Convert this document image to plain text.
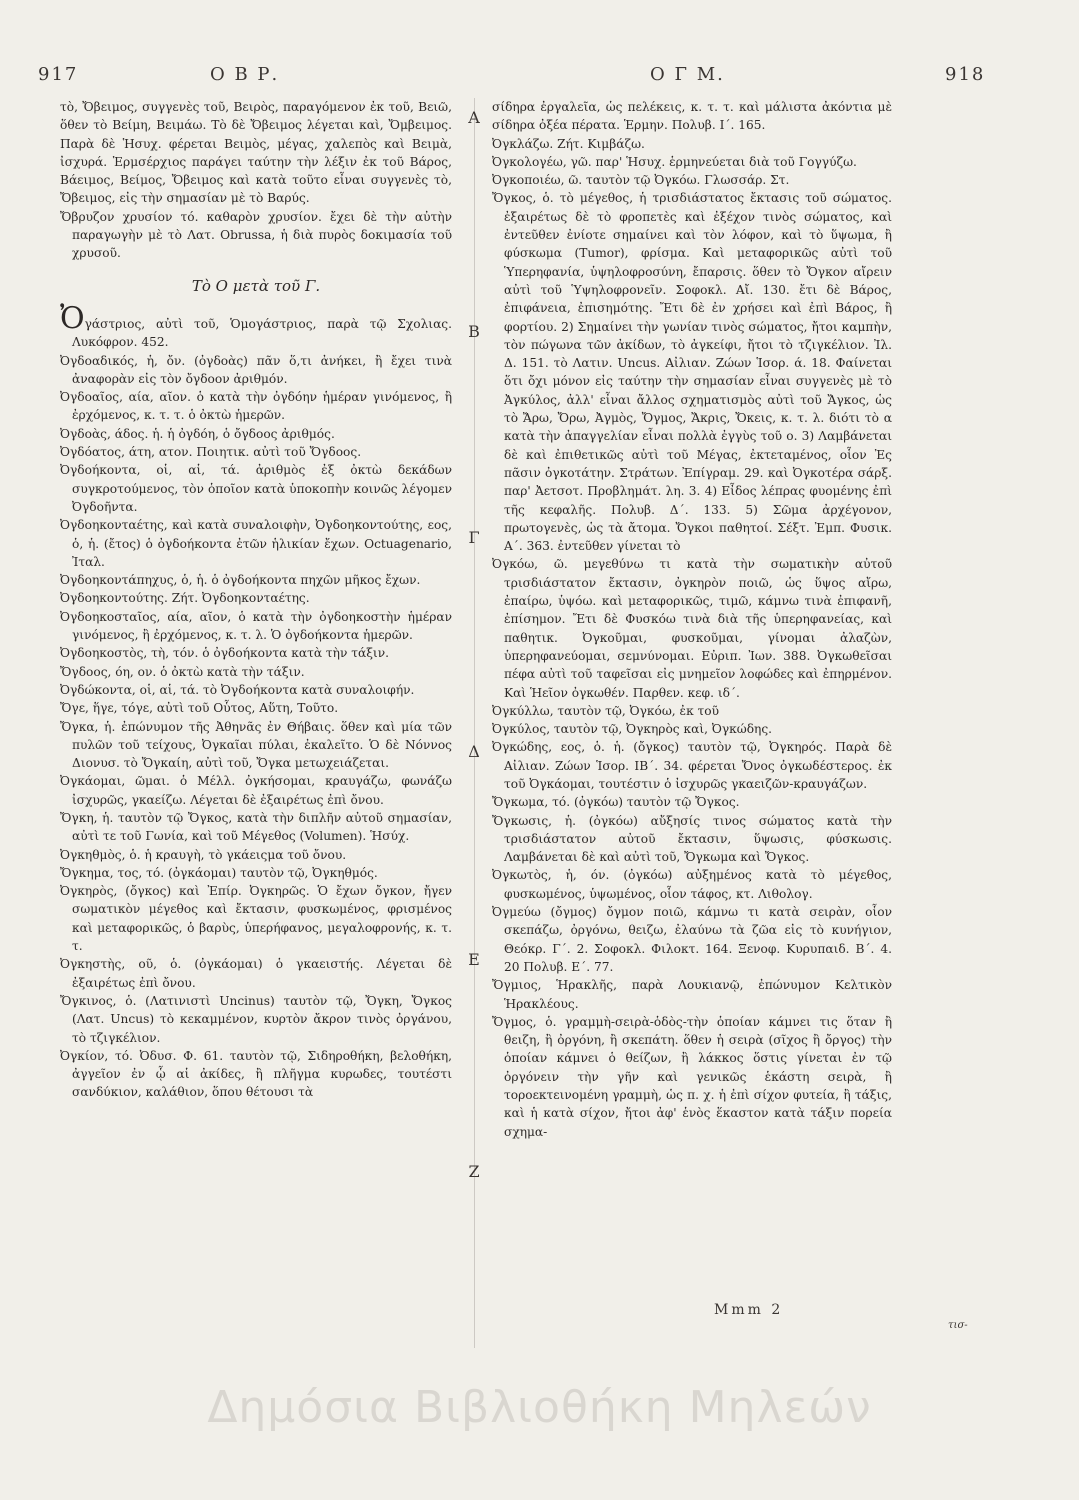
917	Ο Β Ρ.	Ο Γ Μ.	918

τὸ, Ὄβειμος, συγγενὲς τοῦ, Βειρὸς, παραγόμενον ἐκ τοῦ, Βειῶ, ὅθεν τὸ Βείμη, Βειμάω. Τὸ δὲ Ὄβειμος λέγεται καὶ, Ὄμβειμος. Παρὰ δὲ Ἡσυχ. φέρεται Βειμὸς, μέγας, χαλεπὸς καὶ Βειμὰ, ἰσχυρά. Ἑρμσέρχιος παράγει ταύτην τὴν λέξιν ἐκ τοῦ Βάρος, Βάειμος, Βείμος, Ὄβειμος καὶ κατὰ τοῦτο εἶναι συγγενὲς τὸ, Ὄβειμος, εἰς τὴν σημασίαν μὲ τὸ Βαρύς.

Ὄβρυζον χρυσίον τό. καθαρὸν χρυσίον. ἔχει δὲ τὴν αὐτὴν παραγωγὴν μὲ τὸ Λατ. Obrussa, ἡ διὰ πυρὸς δοκιμασία τοῦ χρυσοῦ.

Τὸ Ο μετὰ τοῦ Γ.

Ὀγάστριος, αὐτὶ τοῦ, Ὁμογάστριος, παρὰ τῷ Σχολιας. Λυκόφρον. 452.

Ὀγδοαδικός, ἡ, ὄν. (ὀγδοὰς) πᾶν ὅ,τι ἀνήκει, ἢ ἔχει τινὰ ἀναφορὰν εἰς τὸν ὄγδοον ἀριθμόν.

Ὀγδοαῖος, αία, αῖον. ὁ κατὰ τὴν ὀγδόην ἡμέραν γινόμενος, ἢ ἐρχόμενος, κ. τ. τ. ὁ ὀκτὼ ἡμερῶν.

Ὀγδοὰς, άδος. ἡ. ἡ ὀγδόη, ὁ ὄγδοος ἀριθμός.

Ὀγδόατος, άτη, ατον. Ποιητικ. αὐτὶ τοῦ Ὄγδοος.

Ὀγδοήκοντα, οἱ, αἱ, τά. ἀριθμὸς ἐξ ὀκτὼ δεκάδων συγκροτούμενος, τὸν ὁποῖον κατὰ ὑποκοπὴν κοινῶς λέγομεν Ὀγδοῆντα.

Ὀγδοηκονταέτης, καὶ κατὰ συναλοιφὴν, Ὀγδοηκοντούτης, εος, ὁ, ἡ. (ἔτος) ὁ ὀγδοήκοντα ἐτῶν ἡλικίαν ἔχων. Octuagenario, Ἰταλ.

Ὀγδοηκοντάπηχυς, ὁ, ἡ. ὁ ὀγδοήκοντα πηχῶν μῆκος ἔχων.

Ὀγδοηκοντούτης. Ζήτ. Ὀγδοηκονταέτης.

Ὀγδοηκοσταῖος, αία, αῖον, ὁ κατὰ τὴν ὀγδοηκοστὴν ἡμέραν γινόμενος, ἢ ἐρχόμενος, κ. τ. λ. Ὁ ὀγδοήκοντα ἡμερῶν.

Ὀγδοηκοστὸς, τὴ, τόν. ὁ ὀγδοήκοντα κατὰ τὴν τάξιν.

Ὄγδοος, όη, ον. ὁ ὀκτὼ κατὰ τὴν τάξιν.

Ὀγδώκοντα, οἱ, αἱ, τά. τὸ Ὀγδοήκοντα κατὰ συναλοιφήν.

Ὄγε, ἥγε, τόγε, αὐτὶ τοῦ Οὗτος, Αὕτη, Τοῦτο.

Ὄγκα, ἡ. ἐπώνυμον τῆς Ἀθηνᾶς ἐν Θήβαις. ὅθεν καὶ μία τῶν πυλῶν τοῦ τείχους, Ὀγκαῖαι πύλαι, ἐκαλεῖτο. Ὁ δὲ Νόννος Διονυσ. τὸ Ὄγκαίη, αὐτὶ τοῦ, Ὄγκα μετωχειάζεται.

Ὀγκάομαι, ῶμαι. ὁ Μέλλ. ὀγκήσομαι, κραυγάζω, φωνάζω ἰσχυρῶς, γκαείζω. Λέγεται δὲ ἐξαιρέτως ἐπὶ ὄνου.

Ὄγκη, ἡ. ταυτὸν τῷ Ὄγκος, κατὰ τὴν διπλῆν αὐτοῦ σημασίαν, αὐτὶ τε τοῦ Γωνία, καὶ τοῦ Μέγεθος (Volumen). Ἡσύχ.

Ὀγκηθμὸς, ὁ. ἡ κραυγὴ, τὸ γκάειςμα τοῦ ὄνου.

Ὄγκημα, τος, τό. (ὀγκάομαι) ταυτὸν τῷ, Ὀγκηθμός.

Ὀγκηρὸς, (ὄγκος) καὶ Ἐπίρ. Ὀγκηρῶς. Ὁ ἔχων ὄγκον, ἤγεν σωματικὸν μέγεθος καὶ ἔκτασιν, φυσκωμένος, φρισμένος καὶ μεταφορικῶς, ὁ βαρὺς, ὑπερήφανος, μεγαλοφρονής, κ. τ. τ.

Ὀγκηστὴς, οῦ, ὁ. (ὀγκάομαι) ὁ γκαειστής. Λέγεται δὲ ἐξαιρέτως ἐπὶ ὄνου.

Ὄγκινος, ὁ. (Λατινιστὶ Uncinus) ταυτὸν τῷ, Ὄγκη, Ὄγκος (Λατ. Uncus) τὸ κεκαμμένον, κυρτὸν ἄκρον τινὸς ὀργάνου, τὸ τζιγκέλιον.

Ὀγκίον, τό. Ὀδυσ. Φ. 61. ταυτὸν τῷ, Σιδηροθήκη, βελοθήκη, ἀγγεῖον ἐν ᾧ αἱ ἀκίδες, ἢ πλῆγμα κυρωδες, τουτέστι σανδύκιον, καλάθιον, ὅπου θέτουσι τὰ

σίδηρα ἐργαλεῖα, ὡς πελέκεις, κ. τ. τ. καὶ μάλιστα ἀκόντια μὲ σίδηρα ὀξέα πέρατα. Ἑρμην. Πολυβ. Ι΄. 165.

Ὀγκλάζω. Ζήτ. Κιμβάζω.

Ὀγκολογέω, γῶ. παρ' Ἡσυχ. ἑρμηνεύεται διὰ τοῦ Γογγύζω.

Ὀγκοποιέω, ῶ. ταυτὸν τῷ Ὀγκόω. Γλωσσάρ. Στ.

Ὄγκος, ὁ. τὸ μέγεθος, ἡ τρισδιάστατος ἔκτασις τοῦ σώματος. ἐξαιρέτως δὲ τὸ φροπετὲς καὶ ἐξέχον τινὸς σώματος, καὶ ἐντεῦθεν ἐνίοτε σημαίνει καὶ τὸν λόφον, καὶ τὸ ὕψωμα, ἢ φύσκωμα (Tumor), φρίσμα. Καὶ μεταφορικῶς αὐτὶ τοῦ Ὑπερηφανία, ὑψηλοφροσύνη, ἔπαρσις. ὅθεν τὸ Ὄγκον αἴρειν αὐτὶ τοῦ Ὑψηλοφρονεῖν. Σοφοκλ. Αἴ. 130. ἔτι δὲ Βάρος, ἐπιφάνεια, ἐπισημότης. Ἔτι δὲ ἐν χρήσει καὶ ἐπὶ Βάρος, ἢ φορτίου. 2) Σημαίνει τὴν γωνίαν τινὸς σώματος, ἤτοι καμπὴν, τὸν πώγωνα τῶν ἀκίδων, τὸ ἀγκείφι, ἤτοι τὸ τζιγκέλιον. Ἰλ. Δ. 151. τὸ Λατιν. Uncus. Αἰλιαν. Ζώων Ἱσορ. ά. 18. Φαίνεται ὅτι ὄχι μόνον εἰς ταύτην τὴν σημασίαν εἶναι συγγενὲς μὲ τὸ Ἀγκύλος, ἀλλ' εἶναι ἄλλος σχηματισμὸς αὐτὶ τοῦ Ἄγκος, ὡς τὸ Ἄρω, Ὄρω, Ἀγμὸς, Ὄγμος, Ἄκρις, Ὄκεις, κ. τ. λ. διότι τὸ α κατὰ τὴν ἀπαγγελίαν εἶναι πολλὰ ἐγγὺς τοῦ ο. 3) Λαμβάνεται δὲ καὶ ἐπιθετικῶς αὐτὶ τοῦ Μέγας, ἐκτεταμένος, οἷον Ἐς πᾶσιν ὀγκοτάτην. Στράτων. Ἐπίγραμ. 29. καὶ Ὀγκοτέρα σάρξ. παρ' Ἀετσοτ. Προβλημάτ. λη. 3. 4) Εἶδος λέπρας φυομένης ἐπὶ τῆς κεφαλῆς. Πολυβ. Δ΄. 133. 5) Σῶμα ἀρχέγονον, πρωτογενὲς, ὡς τὰ ἄτομα. Ὄγκοι παθητοί. Σέξτ. Ἐμπ. Φυσικ. Α΄. 363. ἐντεῦθεν γίνεται τὸ

Ὀγκόω, ῶ. μεγεθύνω τι κατὰ τὴν σωματικὴν αὐτοῦ τρισδιάστατον ἔκτασιν, ὀγκηρὸν ποιῶ, ὡς ὕψος αἴρω, ἐπαίρω, ὑψόω. καὶ μεταφορικῶς, τιμῶ, κάμνω τινὰ ἐπιφανῆ, ἐπίσημον. Ἔτι δὲ Φυσκόω τινὰ διὰ τῆς ὑπερηφανείας, καὶ παθητικ. Ὀγκοῦμαι, φυσκοῦμαι, γίνομαι ἀλαζὼν, ὑπερηφανεύομαι, σεμνύνομαι. Εὐριπ. Ἰων. 388. Ὀγκωθεῖσαι πέφα αὐτὶ τοῦ ταφεῖσαι εἰς μνημεῖον λοφώδες καὶ ἐπηρμένον. Καὶ Ἡεῖον ὀγκωθέν. Παρθεν. κεφ. ιδ΄.

Ὀγκύλλω, ταυτὸν τῷ, Ὀγκόω, ἐκ τοῦ

Ὀγκύλος, ταυτὸν τῷ, Ὀγκηρὸς καὶ, Ὀγκώδης.

Ὀγκώδης, εος, ὁ. ἡ. (ὄγκος) ταυτὸν τῷ, Ὀγκηρός. Παρὰ δὲ Αἰλιαν. Ζώων Ἱσορ. ΙΒ΄. 34. φέρεται Ὄνος ὀγκωδέστερος. ἐκ τοῦ Ὀγκάομαι, τουτέστιν ὁ ἰσχυρῶς γκαειζῶν-κραυγάζων.

Ὄγκωμα, τό. (ὀγκόω) ταυτὸν τῷ Ὄγκος.

Ὄγκωσις, ἡ. (ὀγκόω) αὔξησίς τινος σώματος κατὰ τὴν τρισδιάστατον αὐτοῦ ἔκτασιν, ὕψωσις, φύσκωσις. Λαμβάνεται δὲ καὶ αὐτὶ τοῦ, Ὄγκωμα καὶ Ὄγκος.

Ὀγκωτὸς, ἡ, όν. (ὀγκόω) αὐξημένος κατὰ τὸ μέγεθος, φυσκωμένος, ὑψωμένος, οἷον τάφος, κτ. Λιθολογ.

Ὀγμεύω (ὄγμος) ὄγμον ποιῶ, κάμνω τι κατὰ σειρὰν, οἷον σκεπάζω, ὀργόνω, θειζω, ἐλαύνω τὰ ζῶα εἰς τὸ κυνήγιον, Θεόκρ. Γ΄. 2. Σοφοκλ. Φιλοκτ. 164. Ξενοφ. Κυρυπαιδ. Β΄. 4. 20 Πολυβ. Ε΄. 77.

Ὄγμιος, Ἡρακλῆς, παρὰ Λουκιανῷ, ἐπώνυμον Κελτικὸν Ἡρακλέους.

Ὄγμος, ὁ. γραμμὴ-σειρὰ-ὁδὸς-τὴν ὁποίαν κάμνει τις ὅταν ἢ θειζη, ἢ ὀργόνη, ἢ σκεπάτη. ὅθεν ἡ σειρὰ (σῖχος ἢ ὄργος) τὴν ὁποίαν κάμνει ὁ θείζων, ἢ λάκκος ὅστις γίνεται ἐν τῷ ὀργόνειν τὴν γῆν καὶ γενικῶς ἑκάστη σειρὰ, ἢ τοροεκτεινομένη γραμμὴ, ὡς π. χ. ἡ ἐπὶ σίχον φυτεία, ἢ τάξις, καὶ ἡ κατὰ σίχον, ἤτοι ἀφ' ἑνὸς ἕκαστον κατὰ τάξιν πορεία σχημα-

Α
Β
Γ
Δ
Ε
Ζ
Mmm 2
τισ-
Δημόσια Βιβλιοθήκη Μηλεών
